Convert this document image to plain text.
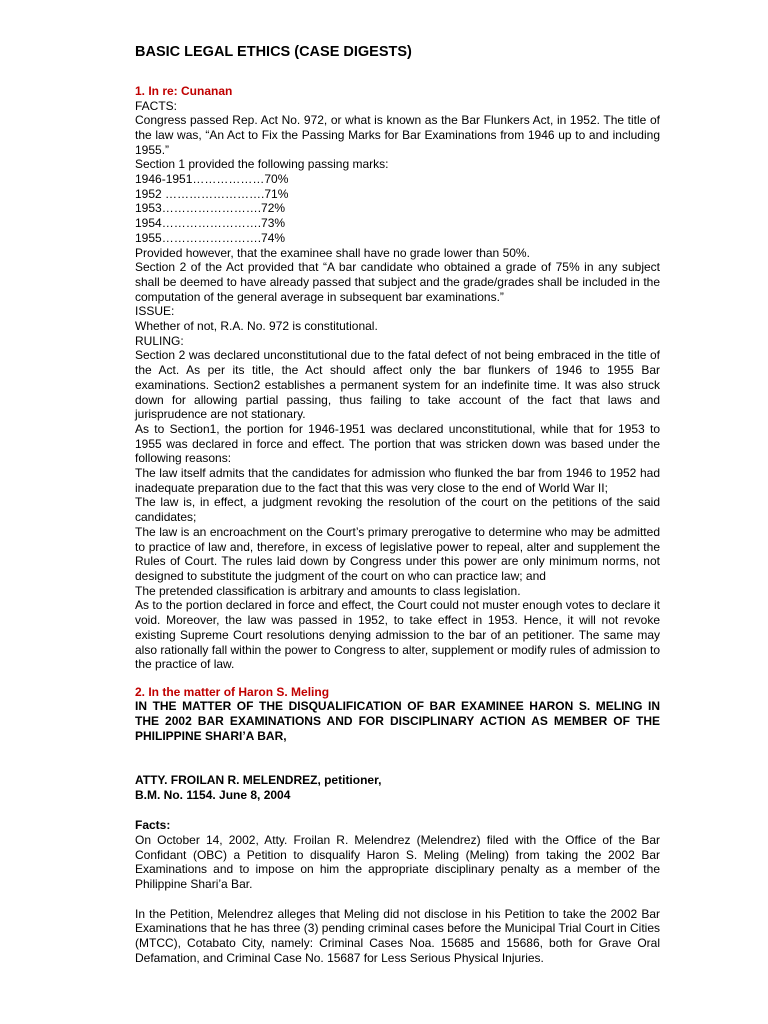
BASIC LEGAL ETHICS (CASE DIGESTS)
1. In re: Cunanan

FACTS:

Congress passed Rep. Act No. 972, or what is known as the Bar Flunkers Act, in 1952. The title of the law was, “An Act to Fix the Passing Marks for Bar Examinations from 1946 up to and including 1955.”

Section 1 provided the following passing marks:

1946-1951………………70%

1952 …………………….71%

1953…………………….72%

1954…………………….73%

1955…………………….74%

Provided however, that the examinee shall have no grade lower than 50%.

Section 2 of the Act provided that “A bar candidate who obtained a grade of 75% in any subject shall be deemed to have already passed that subject and the grade/grades shall be included in the computation of the general average in subsequent bar examinations.”

ISSUE:

Whether of not, R.A. No. 972 is constitutional.

RULING:

Section 2 was declared unconstitutional due to the fatal defect of not being embraced in the title of the Act. As per its title, the Act should affect only the bar flunkers of 1946 to 1955 Bar examinations. Section2 establishes a permanent system for an indefinite time. It was also struck down for allowing partial passing, thus failing to take account of the fact that laws and jurisprudence are not stationary.

As to Section1, the portion for 1946-1951 was declared unconstitutional, while that for 1953 to 1955 was declared in force and effect. The portion that was stricken down was based under the following reasons:

The law itself admits that the candidates for admission who flunked the bar from 1946 to 1952 had inadequate preparation due to the fact that this was very close to the end of World War II;

The law is, in effect, a judgment revoking the resolution of the court on the petitions of the said candidates;

The law is an encroachment on the Court’s primary prerogative to determine who may be admitted to practice of law and, therefore, in excess of legislative power to repeal, alter and supplement the Rules of Court. The rules laid down by Congress under this power are only minimum norms, not designed to substitute the judgment of the court on who can practice law; and

The pretended classification is arbitrary and amounts to class legislation.

As to the portion declared in force and effect, the Court could not muster enough votes to declare it void. Moreover, the law was passed in 1952, to take effect in 1953. Hence, it will not revoke existing Supreme Court resolutions denying admission to the bar of an petitioner. The same may also rationally fall within the power to Congress to alter, supplement or modify rules of admission to the practice of law.

2. In the matter of Haron S. Meling
IN THE MATTER OF THE DISQUALIFICATION OF BAR EXAMINEE HARON S. MELING IN THE 2002 BAR EXAMINATIONS AND FOR DISCIPLINARY ACTION AS MEMBER OF THE PHILIPPINE SHARI’A BAR,
ATTY. FROILAN R. MELENDREZ, petitioner,
B.M. No. 1154. June 8, 2004
Facts:

On October 14, 2002, Atty. Froilan R. Melendrez (Melendrez) filed with the Office of the Bar Confidant (OBC) a Petition to disqualify Haron S. Meling (Meling) from taking the 2002 Bar Examinations and to impose on him the appropriate disciplinary penalty as a member of the Philippine Shari’a Bar.

In the Petition, Melendrez alleges that Meling did not disclose in his Petition to take the 2002 Bar Examinations that he has three (3) pending criminal cases before the Municipal Trial Court in Cities (MTCC), Cotabato City, namely: Criminal Cases Noa. 15685 and 15686, both for Grave Oral Defamation, and Criminal Case No. 15687 for Less Serious Physical Injuries.
